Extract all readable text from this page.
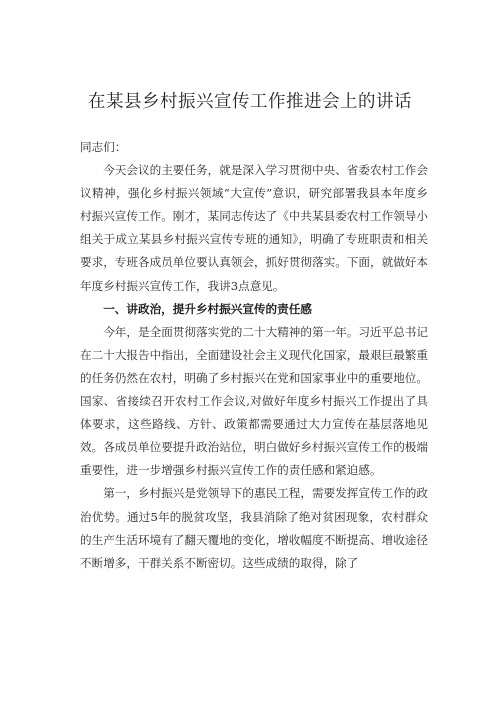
在某县乡村振兴宣传工作推进会上的讲话

同志们：

今天会议的主要任务，就是深入学习贯彻中央、省委农村工作会议精神，强化乡村振兴领域“大宣传”意识，研究部署我县本年度乡村振兴宣传工作。刚才，某同志传达了《中共某县委农村工作领导小组关于成立某县乡村振兴宣传专班的通知》，明确了专班职责和相关要求，专班各成员单位要认真领会，抓好贯彻落实。下面，就做好本年度乡村振兴宣传工作，我讲3点意见。

一、讲政治，提升乡村振兴宣传的责任感

今年，是全面贯彻落实党的二十大精神的第一年。习近平总书记在二十大报告中指出，全面建设社会主义现代化国家，最艰巨最繁重的任务仍然在农村，明确了乡村振兴在党和国家事业中的重要地位。国家、省接续召开农村工作会议,对做好年度乡村振兴工作提出了具体要求，这些路线、方针、政策都需要通过大力宣传在基层落地见效。各成员单位要提升政治站位，明白做好乡村振兴宣传工作的极端重要性，进一步增强乡村振兴宣传工作的责任感和紧迫感。

第一，乡村振兴是党领导下的惠民工程，需要发挥宣传工作的政治优势。通过5年的脱贫攻坚，我县消除了绝对贫困现象，农村群众的生产生活环境有了翻天覆地的变化，增收幅度不断提高、增收途径不断增多，干群关系不断密切。这些成绩的取得，除了
